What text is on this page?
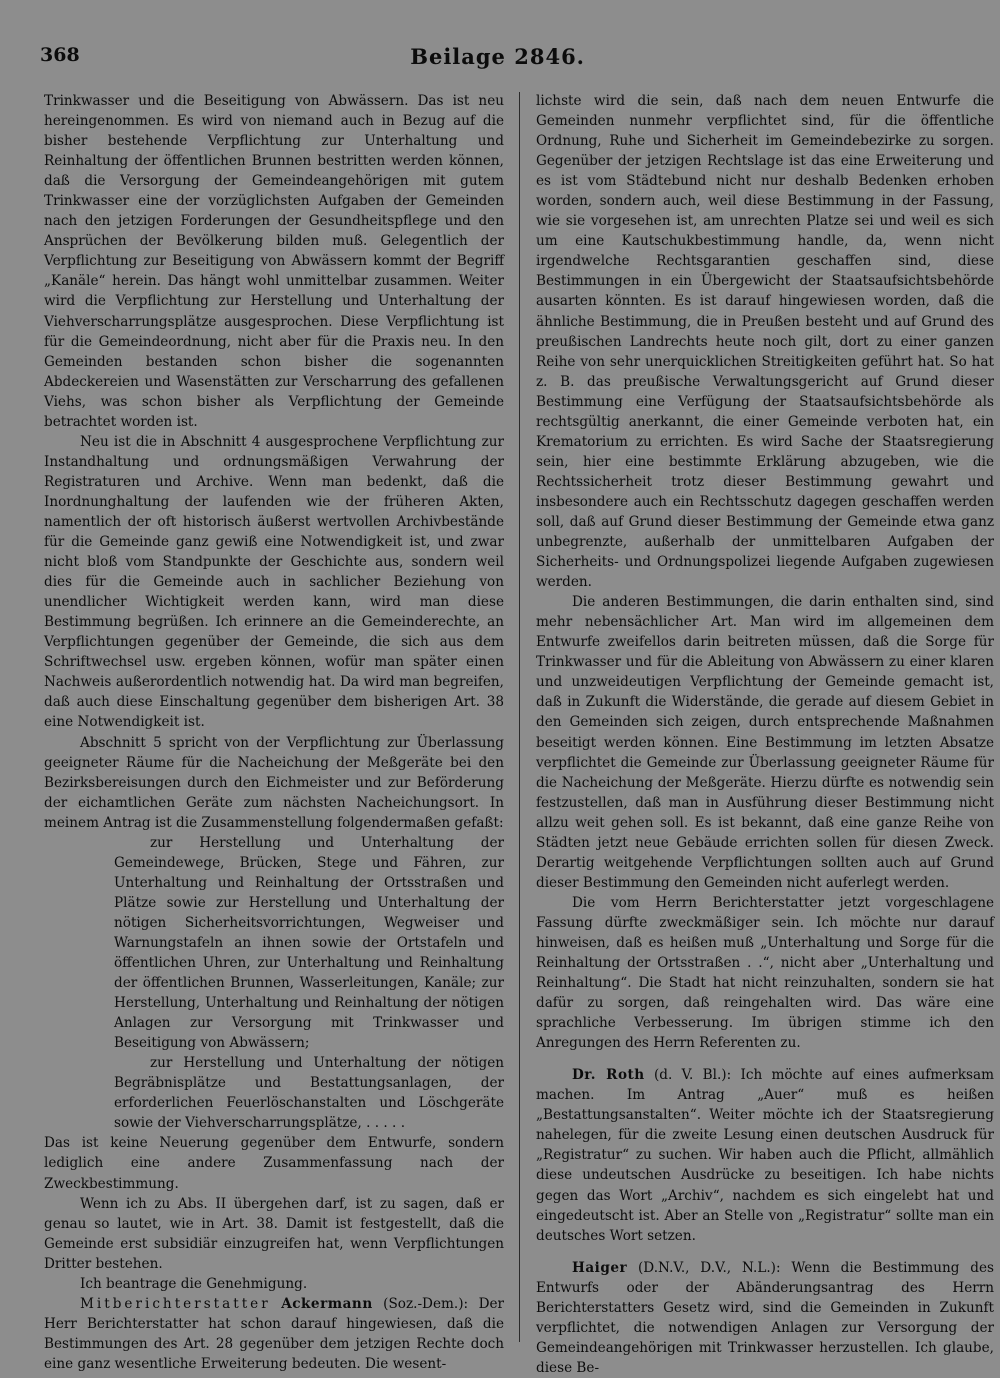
368	Beilage 2846.

Trinkwasser und die Beseitigung von Abwässern. Das ist neu hereingenommen. Es wird von niemand auch in Bezug auf die bisher bestehende Verpflichtung zur Unterhaltung und Reinhaltung der öffentlichen Brunnen bestritten werden können, daß die Versorgung der Gemeindeangehörigen mit gutem Trinkwasser eine der vorzüglichsten Aufgaben der Gemeinden nach den jetzigen Forderungen der Gesundheitspflege und den Ansprüchen der Bevölkerung bilden muß. Gelegentlich der Verpflichtung zur Beseitigung von Abwässern kommt der Begriff „Kanäle“ herein. Das hängt wohl unmittelbar zusammen. Weiter wird die Verpflichtung zur Herstellung und Unterhaltung der Viehverscharrungsplätze ausgesprochen. Diese Verpflichtung ist für die Gemeindeordnung, nicht aber für die Praxis neu. In den Gemeinden bestanden schon bisher die sogenannten Abdeckereien und Wasenstätten zur Verscharrung des gefallenen Viehs, was schon bisher als Verpflichtung der Gemeinde betrachtet worden ist.

Neu ist die in Abschnitt 4 ausgesprochene Verpflichtung zur Instandhaltung und ordnungsmäßigen Verwahrung der Registraturen und Archive. Wenn man bedenkt, daß die Inordnunghaltung der laufenden wie der früheren Akten, namentlich der oft historisch äußerst wertvollen Archivbestände für die Gemeinde ganz gewiß eine Notwendigkeit ist, und zwar nicht bloß vom Standpunkte der Geschichte aus, sondern weil dies für die Gemeinde auch in sachlicher Beziehung von unendlicher Wichtigkeit werden kann, wird man diese Bestimmung begrüßen. Ich erinnere an die Gemeinderechte, an Verpflichtungen gegenüber der Gemeinde, die sich aus dem Schriftwechsel usw. ergeben können, wofür man später einen Nachweis außerordentlich notwendig hat. Da wird man begreifen, daß auch diese Einschaltung gegenüber dem bisherigen Art. 38 eine Notwendigkeit ist.

Abschnitt 5 spricht von der Verpflichtung zur Überlassung geeigneter Räume für die Nacheichung der Meßgeräte bei den Bezirksbereisungen durch den Eichmeister und zur Beförderung der eichamtlichen Geräte zum nächsten Nacheichungsort. In meinem Antrag ist die Zusammenstellung folgendermaßen gefaßt:

zur Herstellung und Unterhaltung der Gemeindewege, Brücken, Stege und Fähren, zur Unterhaltung und Reinhaltung der Ortsstraßen und Plätze sowie zur Herstellung und Unterhaltung der nötigen Sicherheitsvorrichtungen, Wegweiser und Warnungstafeln an ihnen sowie der Ortstafeln und öffentlichen Uhren, zur Unterhaltung und Reinhaltung der öffentlichen Brunnen, Wasserleitungen, Kanäle; zur Herstellung, Unterhaltung und Reinhaltung der nötigen Anlagen zur Versorgung mit Trinkwasser und Beseitigung von Abwässern;

zur Herstellung und Unterhaltung der nötigen Begräbnisplätze und Bestattungsanlagen, der erforderlichen Feuerlöschanstalten und Löschgeräte sowie der Viehverscharrungsplätze, . . . . .

Das ist keine Neuerung gegenüber dem Entwurfe, sondern lediglich eine andere Zusammenfassung nach der Zweckbestimmung.

Wenn ich zu Abs. II übergehen darf, ist zu sagen, daß er genau so lautet, wie in Art. 38. Damit ist festgestellt, daß die Gemeinde erst subsidiär einzugreifen hat, wenn Verpflichtungen Dritter bestehen.

Ich beantrage die Genehmigung.

Mitberichterstatter Ackermann (Soz.-Dem.): Der Herr Berichterstatter hat schon darauf hingewiesen, daß die Bestimmungen des Art. 28 gegenüber dem jetzigen Rechte doch eine ganz wesentliche Erweiterung bedeuten. Die wesent-

lichste wird die sein, daß nach dem neuen Entwurfe die Gemeinden nunmehr verpflichtet sind, für die öffentliche Ordnung, Ruhe und Sicherheit im Gemeindebezirke zu sorgen. Gegenüber der jetzigen Rechtslage ist das eine Erweiterung und es ist vom Städtebund nicht nur deshalb Bedenken erhoben worden, sondern auch, weil diese Bestimmung in der Fassung, wie sie vorgesehen ist, am unrechten Platze sei und weil es sich um eine Kautschukbestimmung handle, da, wenn nicht irgendwelche Rechtsgarantien geschaffen sind, diese Bestimmungen in ein Übergewicht der Staatsaufsichtsbehörde ausarten könnten. Es ist darauf hingewiesen worden, daß die ähnliche Bestimmung, die in Preußen besteht und auf Grund des preußischen Landrechts heute noch gilt, dort zu einer ganzen Reihe von sehr unerquicklichen Streitigkeiten geführt hat. So hat z. B. das preußische Verwaltungsgericht auf Grund dieser Bestimmung eine Verfügung der Staatsaufsichtsbehörde als rechtsgültig anerkannt, die einer Gemeinde verboten hat, ein Krematorium zu errichten. Es wird Sache der Staatsregierung sein, hier eine bestimmte Erklärung abzugeben, wie die Rechtssicherheit trotz dieser Bestimmung gewahrt und insbesondere auch ein Rechtsschutz dagegen geschaffen werden soll, daß auf Grund dieser Bestimmung der Gemeinde etwa ganz unbegrenzte, außerhalb der unmittelbaren Aufgaben der Sicherheits- und Ordnungspolizei liegende Aufgaben zugewiesen werden.

Die anderen Bestimmungen, die darin enthalten sind, sind mehr nebensächlicher Art. Man wird im allgemeinen dem Entwurfe zweifellos darin beitreten müssen, daß die Sorge für Trinkwasser und für die Ableitung von Abwässern zu einer klaren und unzweideutigen Verpflichtung der Gemeinde gemacht ist, daß in Zukunft die Widerstände, die gerade auf diesem Gebiet in den Gemeinden sich zeigen, durch entsprechende Maßnahmen beseitigt werden können. Eine Bestimmung im letzten Absatze verpflichtet die Gemeinde zur Überlassung geeigneter Räume für die Nacheichung der Meßgeräte. Hierzu dürfte es notwendig sein festzustellen, daß man in Ausführung dieser Bestimmung nicht allzu weit gehen soll. Es ist bekannt, daß eine ganze Reihe von Städten jetzt neue Gebäude errichten sollen für diesen Zweck. Derartig weitgehende Verpflichtungen sollten auch auf Grund dieser Bestimmung den Gemeinden nicht auferlegt werden.

Die vom Herrn Berichterstatter jetzt vorgeschlagene Fassung dürfte zweckmäßiger sein. Ich möchte nur darauf hinweisen, daß es heißen muß „Unterhaltung und Sorge für die Reinhaltung der Ortsstraßen . .“, nicht aber „Unterhaltung und Reinhaltung“. Die Stadt hat nicht reinzuhalten, sondern sie hat dafür zu sorgen, daß reingehalten wird. Das wäre eine sprachliche Verbesserung. Im übrigen stimme ich den Anregungen des Herrn Referenten zu.

Dr. Roth (d. V. Bl.): Ich möchte auf eines aufmerksam machen. Im Antrag „Auer“ muß es heißen „Bestattungsanstalten“. Weiter möchte ich der Staatsregierung nahelegen, für die zweite Lesung einen deutschen Ausdruck für „Registratur“ zu suchen. Wir haben auch die Pflicht, allmählich diese undeutschen Ausdrücke zu beseitigen. Ich habe nichts gegen das Wort „Archiv“, nachdem es sich eingelebt hat und eingedeutscht ist. Aber an Stelle von „Registratur“ sollte man ein deutsches Wort setzen.

Haiger (D.N.V., D.V., N.L.): Wenn die Bestimmung des Entwurfs oder der Abänderungsantrag des Herrn Berichterstatters Gesetz wird, sind die Gemeinden in Zukunft verpflichtet, die notwendigen Anlagen zur Versorgung der Gemeindeangehörigen mit Trinkwasser herzustellen. Ich glaube, diese Be-
